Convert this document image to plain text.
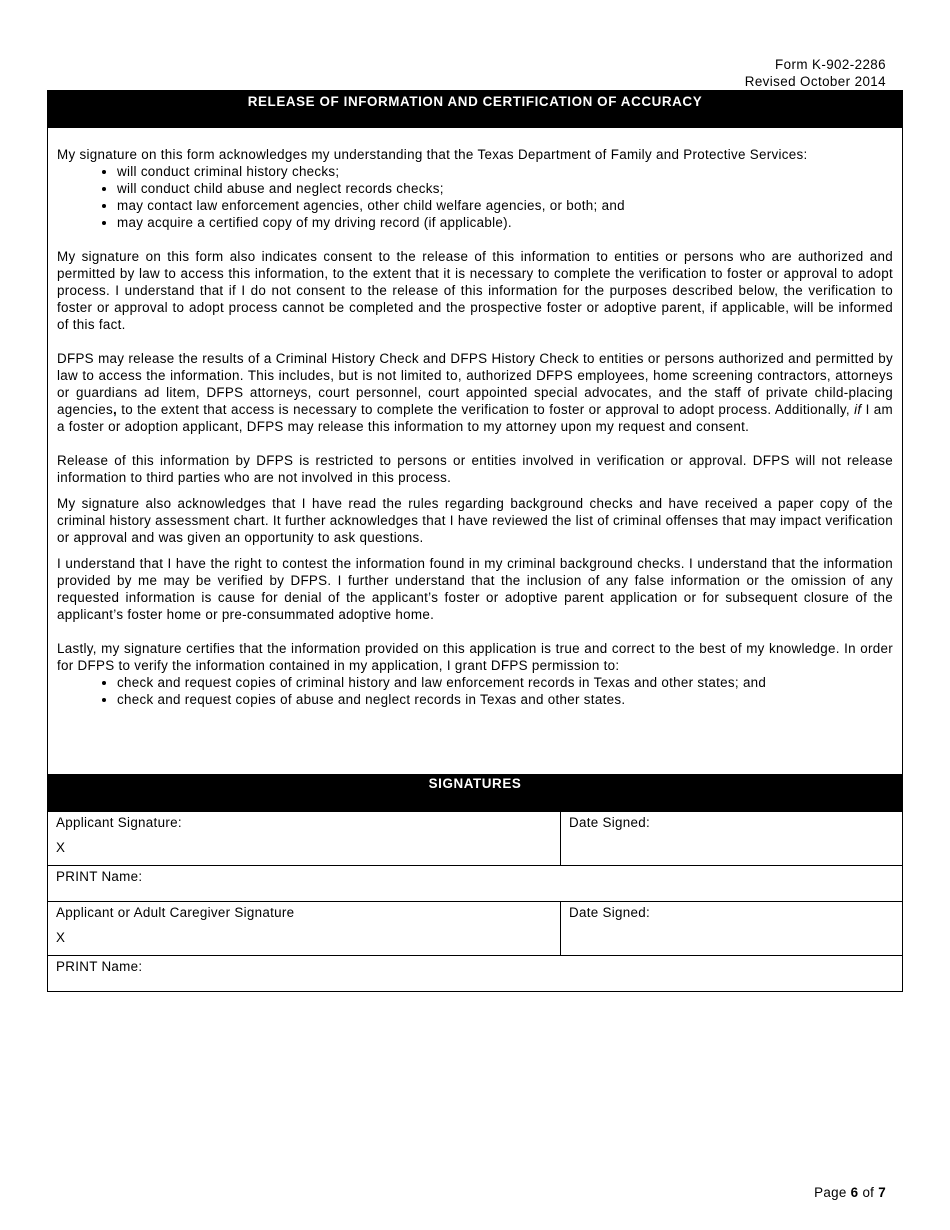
Form K-902-2286
Revised October 2014
RELEASE OF INFORMATION AND CERTIFICATION OF ACCURACY

My signature on this form acknowledges my understanding that the Texas Department of Family and Protective Services:

• will conduct criminal history checks;
• will conduct child abuse and neglect records checks;
• may contact law enforcement agencies, other child welfare agencies, or both; and
• may acquire a certified copy of my driving record (if applicable).

My signature on this form also indicates consent to the release of this information to entities or persons who are authorized and permitted by law to access this information, to the extent that it is necessary to complete the verification to foster or approval to adopt process. I understand that if I do not consent to the release of this information for the purposes described below, the verification to foster or approval to adopt process cannot be completed and the prospective foster or adoptive parent, if applicable, will be informed of this fact.

DFPS may release the results of a Criminal History Check and DFPS History Check to entities or persons authorized and permitted by law to access the information. This includes, but is not limited to, authorized DFPS employees, home screening contractors, attorneys or guardians ad litem, DFPS attorneys, court personnel, court appointed special advocates, and the staff of private child-placing agencies, to the extent that access is necessary to complete the verification to foster or approval to adopt process. Additionally, if I am a foster or adoption applicant, DFPS may release this information to my attorney upon my request and consent.

Release of this information by DFPS is restricted to persons or entities involved in verification or approval. DFPS will not release information to third parties who are not involved in this process.

My signature also acknowledges that I have read the rules regarding background checks and have received a paper copy of the criminal history assessment chart. It further acknowledges that I have reviewed the list of criminal offenses that may impact verification or approval and was given an opportunity to ask questions.

I understand that I have the right to contest the information found in my criminal background checks. I understand that the information provided by me may be verified by DFPS. I further understand that the inclusion of any false information or the omission of any requested information is cause for denial of the applicant’s foster or adoptive parent application or for subsequent closure of the applicant’s foster home or pre-consummated adoptive home.

Lastly, my signature certifies that the information provided on this application is true and correct to the best of my knowledge. In order for DFPS to verify the information contained in my application, I grant DFPS permission to:

• check and request copies of criminal history and law enforcement records in Texas and other states; and
• check and request copies of abuse and neglect records in Texas and other states.
SIGNATURES
Applicant Signature:
X	Date Signed:

PRINT Name:	

Applicant or Adult Caregiver Signature
X	Date Signed:

PRINT Name:	
Page 6 of 7
